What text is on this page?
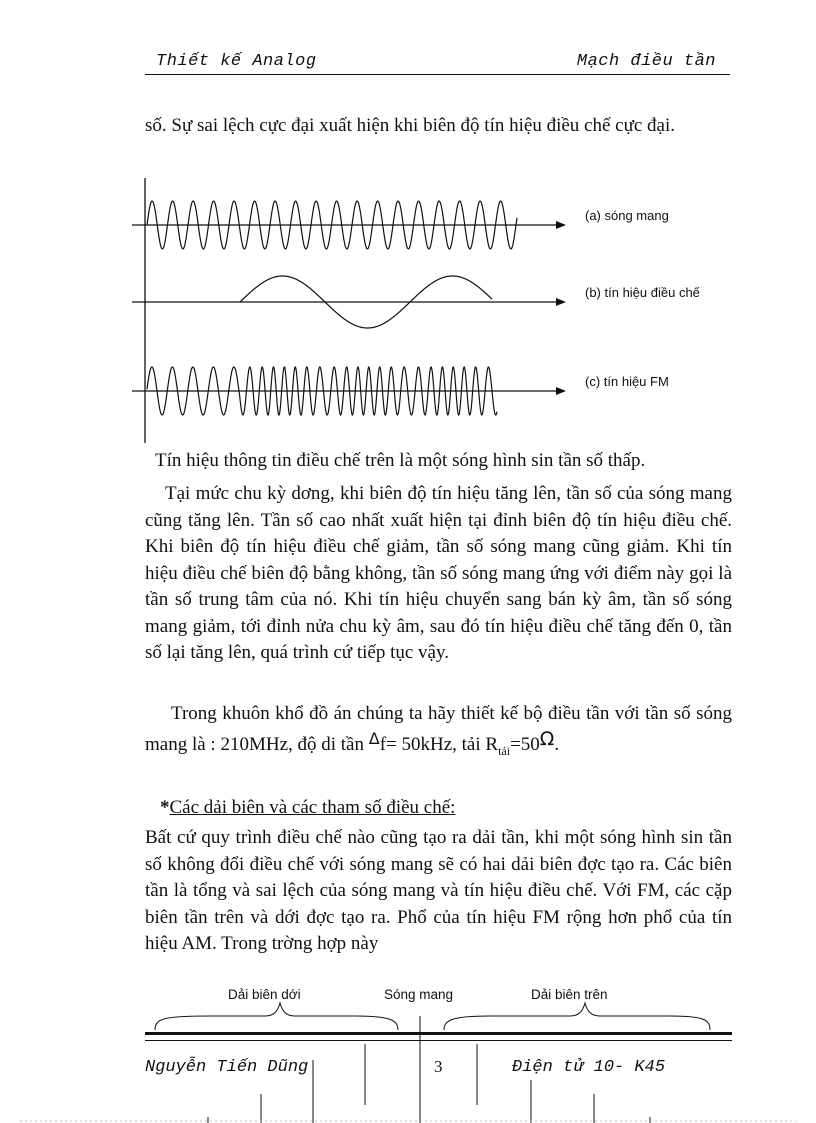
Thiết kế Analog	Mạch điều tần
số. Sự sai lệch cực đại xuất hiện khi biên độ tín hiệu điều chế cực đại.
(a) sóng mang
(b) tín hiệu điều chế
(c) tín hiệu FM
Tín hiệu thông tin điều chế trên là một sóng hình sin tần số thấp.
Tại mức chu kỳ dơng, khi biên độ tín hiệu tăng lên, tần số của sóng mang cũng tăng lên. Tần số cao nhất xuất hiện tại đỉnh biên độ tín hiệu điều chế. Khi biên độ tín hiệu điều chế giảm, tần số sóng mang cũng giảm. Khi tín hiệu điều chế biên độ bằng không, tần số sóng mang ứng với điểm này gọi là tần số trung tâm của nó. Khi tín hiệu chuyển sang bán kỳ âm, tần số sóng mang giảm, tới đỉnh nửa chu kỳ âm, sau đó tín hiệu điều chế tăng đến 0, tần số lại tăng lên, quá trình cứ tiếp tục vậy.
Trong khuôn khổ đồ án chúng ta hãy thiết kế bộ điều tần với tần số sóng mang là : 210MHz, độ di tần $^\Delta$f= 50kHz, tải $R_{tải}=50\Omega$.
*Các dải biên và các tham số điều chế:
Bất cứ quy trình điều chế nào cũng tạo ra dải tần, khi một sóng hình sin tần số không đổi điều chế với sóng mang sẽ có hai dải biên đợc tạo ra. Các biên tần là tổng và sai lệch của sóng mang và tín hiệu điều chế. Với FM, các cặp biên tần trên và dới đợc tạo ra. Phổ của tín hiệu FM rộng hơn phổ của tín hiệu AM. Trong trờng hợp này
Dải biên dới	Sóng mang	Dải biên trên
Nguyễn Tiến Dũng	3	Điện tử 10- K45
